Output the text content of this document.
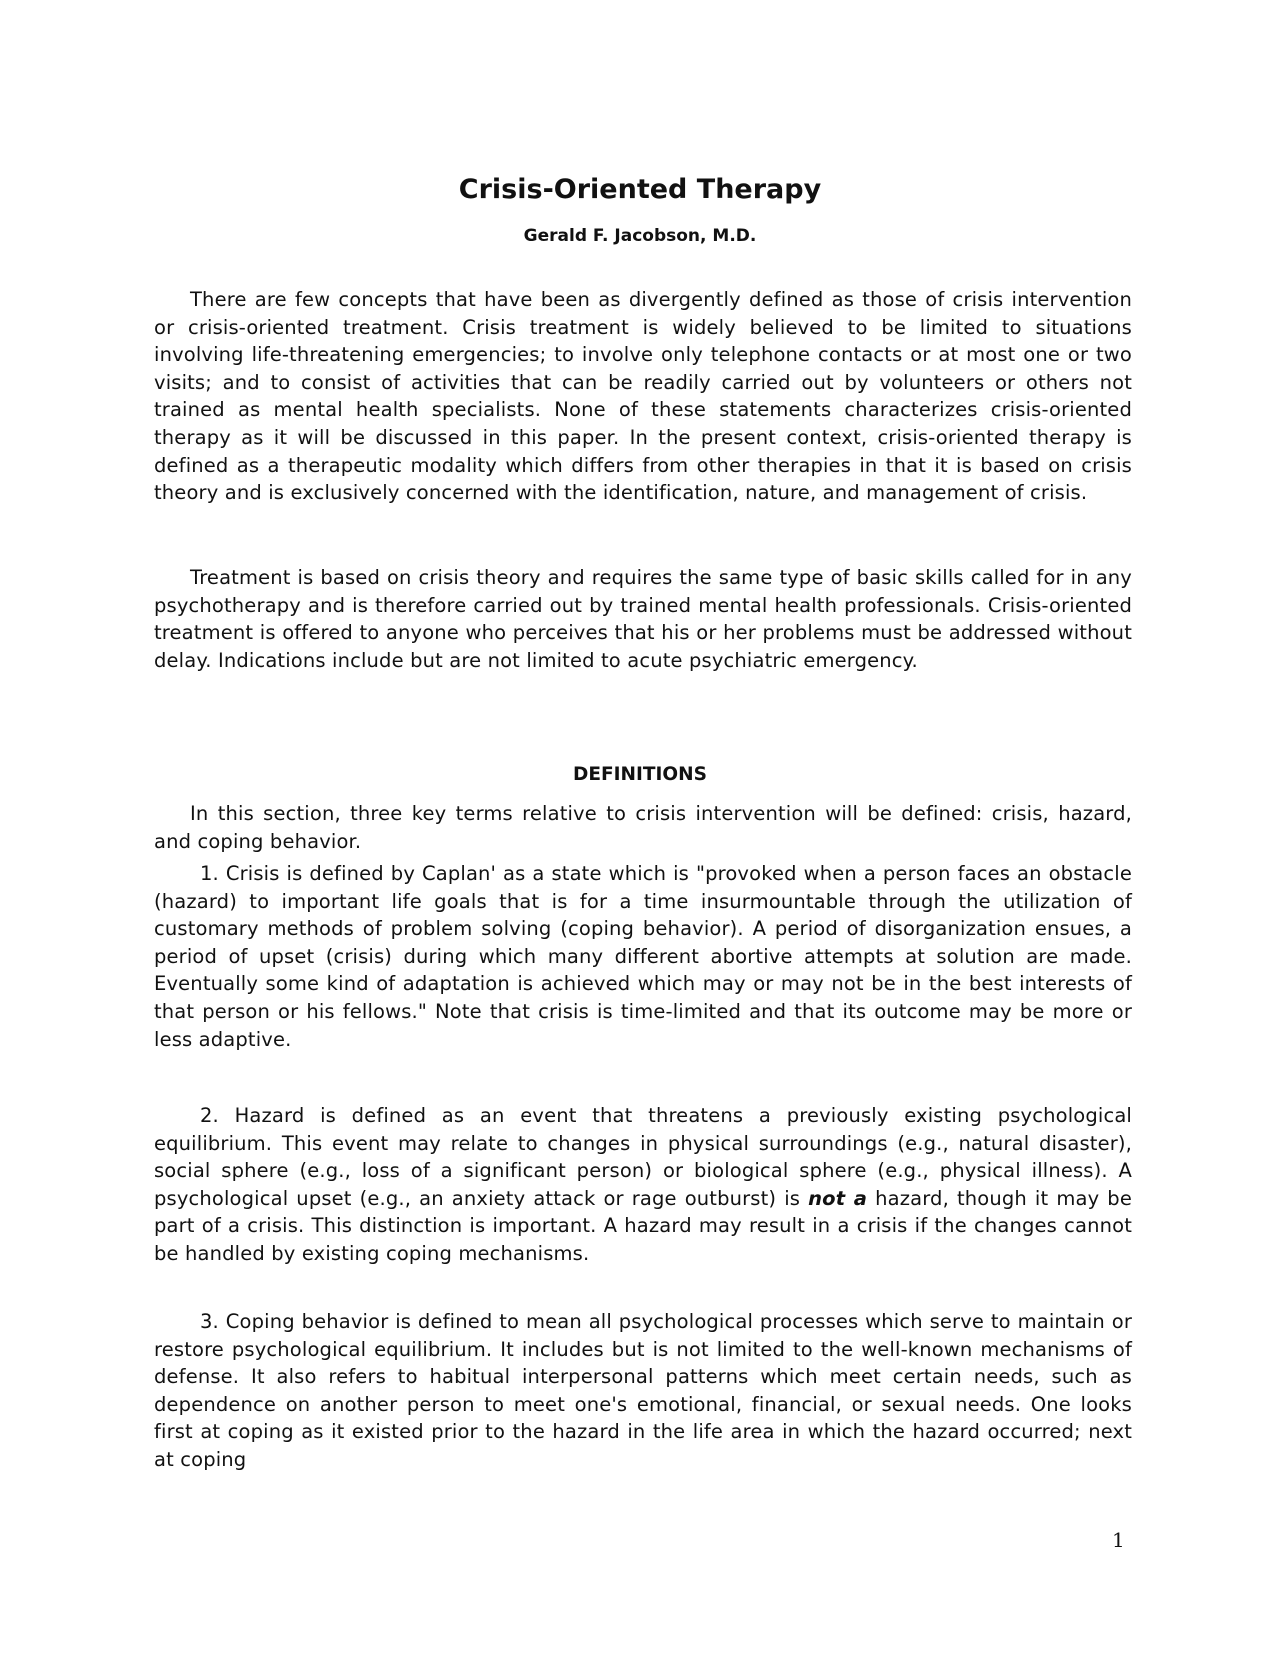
Crisis-Oriented Therapy
Gerald F. Jacobson, M.D.

There are few concepts that have been as divergently defined as those of crisis intervention or crisis-oriented treatment. Crisis treatment is widely believed to be limited to situations involving life-threatening emergencies; to involve only telephone contacts or at most one or two visits; and to consist of activities that can be readily carried out by volunteers or others not trained as mental health specialists. None of these statements characterizes crisis-oriented therapy as it will be discussed in this paper. In the present context, crisis-oriented therapy is defined as a therapeutic modality which differs from other therapies in that it is based on crisis theory and is exclusively concerned with the identification, nature, and management of crisis.

Treatment is based on crisis theory and requires the same type of basic skills called for in any psychotherapy and is therefore carried out by trained mental health professionals. Crisis-oriented treatment is offered to anyone who perceives that his or her problems must be addressed without delay. Indications include but are not limited to acute psychiatric emergency.

DEFINITIONS

In this section, three key terms relative to crisis intervention will be defined: crisis, hazard, and coping behavior.

1. Crisis is defined by Caplan' as a state which is "provoked when a person faces an obstacle (hazard) to important life goals that is for a time insurmountable through the utilization of customary methods of problem solving (coping behavior). A period of disorganization ensues, a period of upset (crisis) during which many different abortive attempts at solution are made. Eventually some kind of adaptation is achieved which may or may not be in the best interests of that person or his fellows." Note that crisis is time-limited and that its outcome may be more or less adaptive.

2. Hazard is defined as an event that threatens a previously existing psychological equilibrium. This event may relate to changes in physical surroundings (e.g., natural disaster), social sphere (e.g., loss of a significant person) or biological sphere (e.g., physical illness). A psychological upset (e.g., an anxiety attack or rage outburst) is not a hazard, though it may be part of a crisis. This distinction is important. A hazard may result in a crisis if the changes cannot be handled by existing coping mechanisms.

3. Coping behavior is defined to mean all psychological processes which serve to maintain or restore psychological equilibrium. It includes but is not limited to the well-known mechanisms of defense. It also refers to habitual interpersonal patterns which meet certain needs, such as dependence on another person to meet one's emotional, financial, or sexual needs. One looks first at coping as it existed prior to the hazard in the life area in which the hazard occurred; next at coping

1
